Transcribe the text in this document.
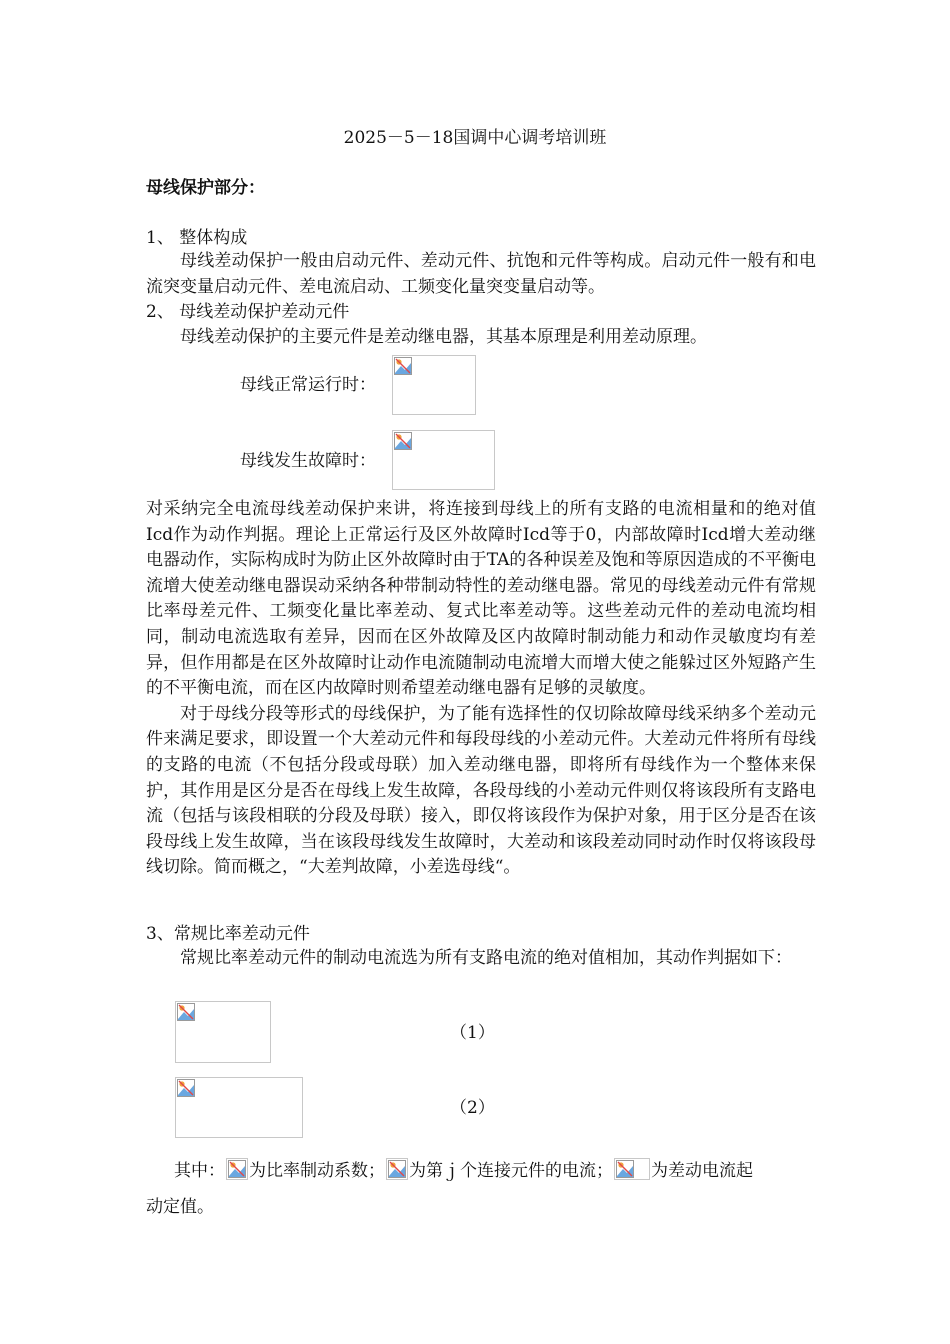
2025－5－18国调中心调考培训班
母线保护部分：
1、 整体构成

母线差动保护一般由启动元件、差动元件、抗饱和元件等构成。启动元件一般有和电流突变量启动元件、差电流启动、工频变化量突变量启动等。

2、 母线差动保护差动元件
母线差动保护的主要元件是差动继电器，其基本原理是利用差动原理。
母线正常运行时：
母线发生故障时：

对采纳完全电流母线差动保护来讲，将连接到母线上的所有支路的电流相量和的绝对值Icd作为动作判据。理论上正常运行及区外故障时Icd等于0，内部故障时Icd增大差动继电器动作，实际构成时为防止区外故障时由于TA的各种误差及饱和等原因造成的不平衡电流增大使差动继电器误动采纳各种带制动特性的差动继电器。常见的母线差动元件有常规比率母差元件、工频变化量比率差动、复式比率差动等。这些差动元件的差动电流均相同，制动电流选取有差异，因而在区外故障及区内故障时制动能力和动作灵敏度均有差异，但作用都是在区外故障时让动作电流随制动电流增大而增大使之能躲过区外短路产生的不平衡电流，而在区内故障时则希望差动继电器有足够的灵敏度。

对于母线分段等形式的母线保护，为了能有选择性的仅切除故障母线采纳多个差动元件来满足要求，即设置一个大差动元件和每段母线的小差动元件。大差动元件将所有母线的支路的电流（不包括分段或母联）加入差动继电器，即将所有母线作为一个整体来保护，其作用是区分是否在母线上发生故障，各段母线的小差动元件则仅将该段所有支路电流（包括与该段相联的分段及母联）接入，即仅将该段作为保护对象，用于区分是否在该段母线上发生故障，当在该段母线发生故障时，大差动和该段差动同时动作时仅将该段母线切除。简而概之，“大差判故障，小差选母线“。

3、常规比率差动元件

常规比率差动元件的制动电流选为所有支路电流的绝对值相加，其动作判据如下：

（1）
（2）
其中： 为比率制动系数； 为第ｊ个连接元件的电流； 为差动电流起
动定值。
